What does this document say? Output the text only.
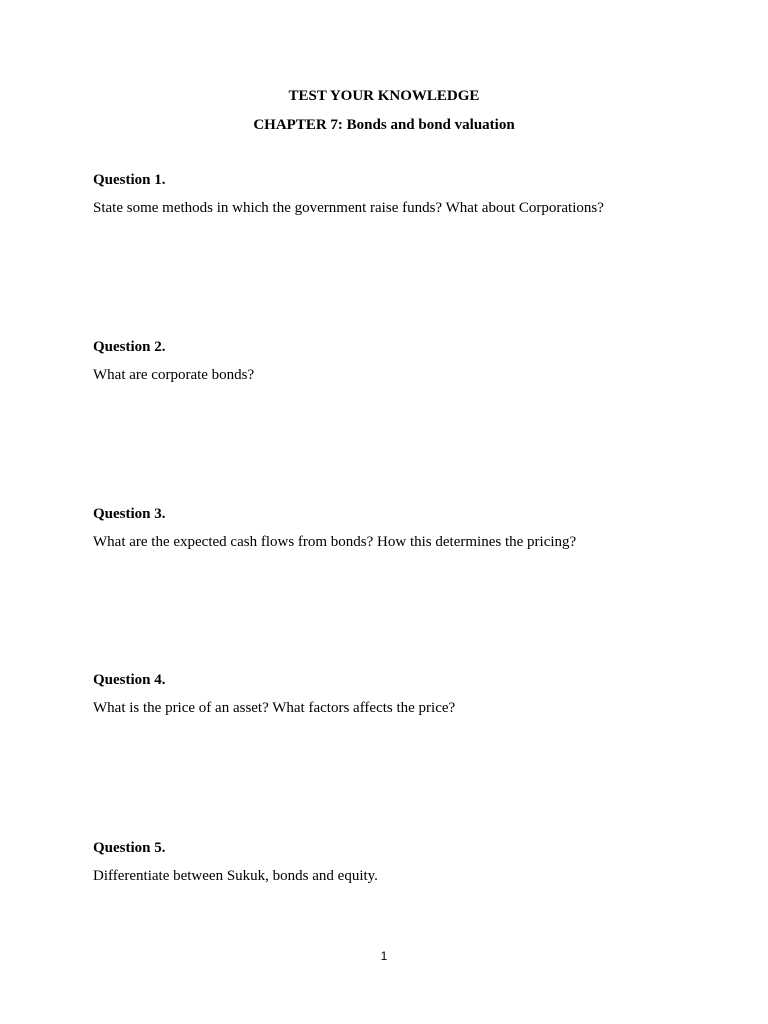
TEST YOUR KNOWLEDGE
CHAPTER 7: Bonds and bond valuation

Question 1.

State some methods in which the government raise funds? What about Corporations?

Question 2.

What are corporate bonds?

Question 3.

What are the expected cash flows from bonds? How this determines the pricing?

Question 4.

What is the price of an asset? What factors affects the price?

Question 5.

Differentiate between Sukuk, bonds and equity.

1
